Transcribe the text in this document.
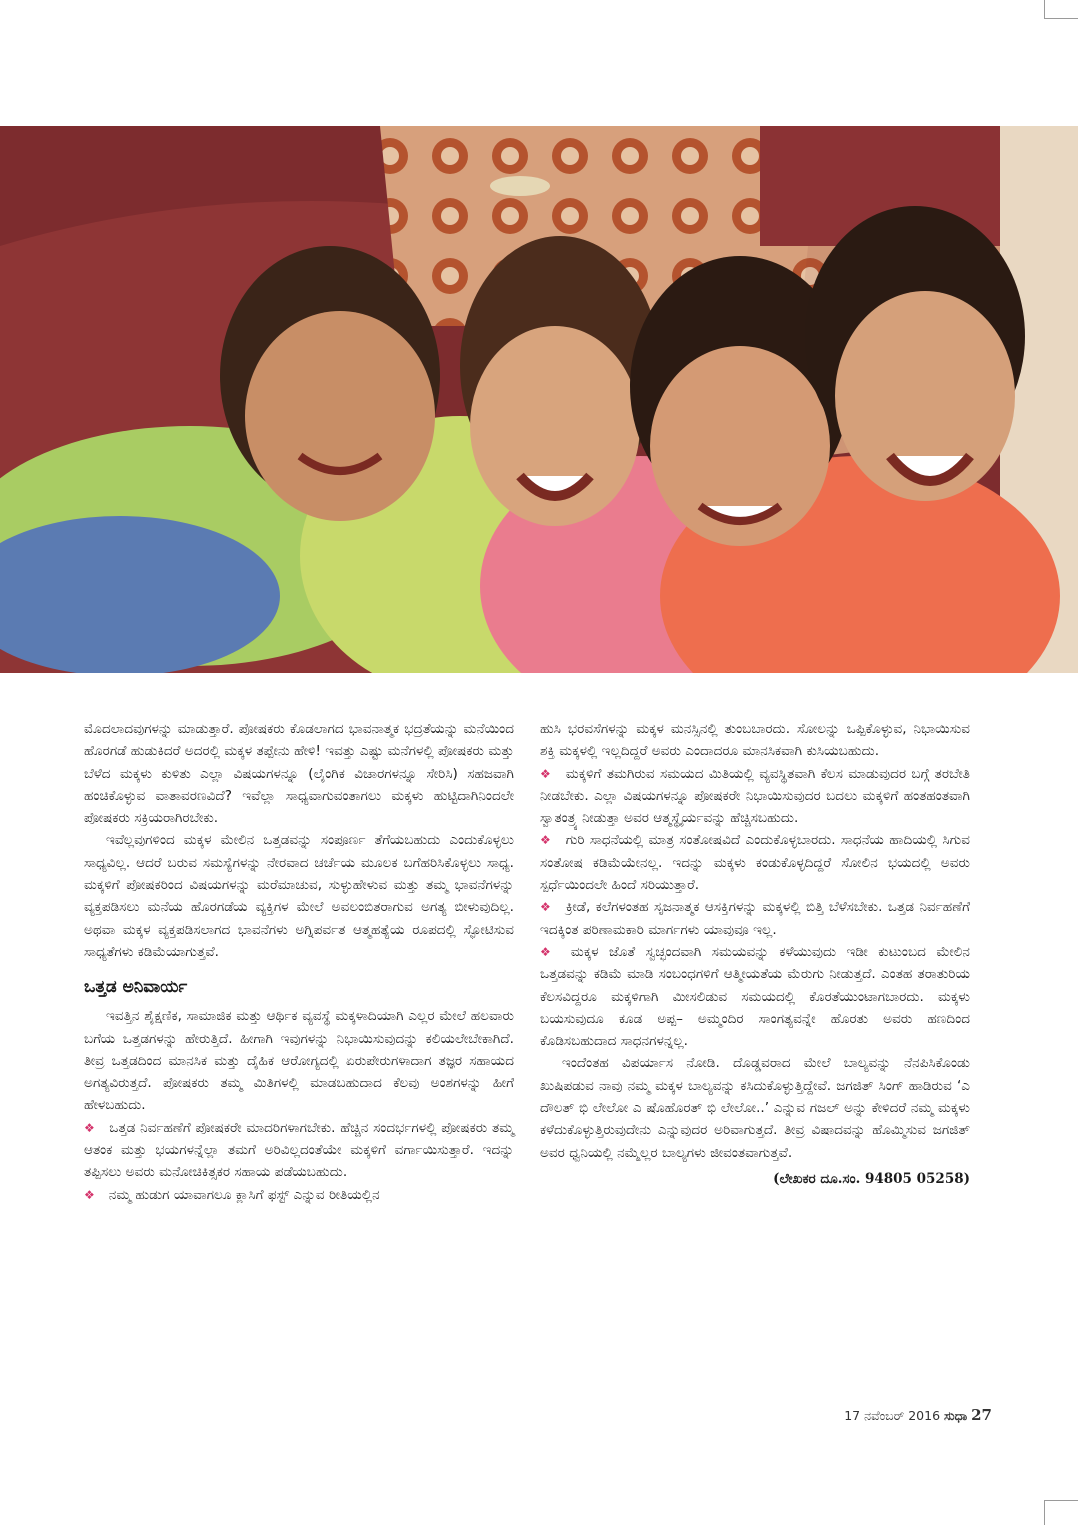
ಮೊದಲಾದವುಗಳನ್ನು ಮಾಡುತ್ತಾರೆ. ಪೋಷಕರು ಕೊಡಲಾಗದ ಭಾವನಾತ್ಮಕ ಭದ್ರತೆಯನ್ನು ಮನೆಯಿಂದ ಹೊರಗಡೆ ಹುಡುಕಿದರೆ ಅದರಲ್ಲಿ ಮಕ್ಕಳ ತಪ್ಪೇನು ಹೇಳಿ! ಇವತ್ತು ಎಷ್ಟು ಮನೆಗಳಲ್ಲಿ ಪೋಷಕರು ಮತ್ತು ಬೆಳೆದ ಮಕ್ಕಳು ಕುಳಿತು ಎಲ್ಲಾ ವಿಷಯಗಳನ್ನೂ (ಲೈಂಗಿಕ ವಿಚಾರಗಳನ್ನೂ ಸೇರಿಸಿ) ಸಹಜವಾಗಿ ಹಂಚಿಕೊಳ್ಳುವ ವಾತಾವರಣವಿದೆ? ಇವೆಲ್ಲಾ ಸಾಧ್ಯವಾಗುವಂತಾಗಲು ಮಕ್ಕಳು ಹುಟ್ಟಿದಾಗಿನಿಂದಲೇ ಪೋಷಕರು ಸಕ್ರಿಯರಾಗಿರಬೇಕು.

ಇವೆಲ್ಲವುಗಳಿಂದ ಮಕ್ಕಳ ಮೇಲಿನ ಒತ್ತಡವನ್ನು ಸಂಪೂರ್ಣ ತೆಗೆಯಬಹುದು ಎಂದುಕೊಳ್ಳಲು ಸಾಧ್ಯವಿಲ್ಲ. ಆದರೆ ಬರುವ ಸಮಸ್ಯೆಗಳನ್ನು ನೇರವಾದ ಚರ್ಚೆಯ ಮೂಲಕ ಬಗೆಹರಿಸಿಕೊಳ್ಳಲು ಸಾಧ್ಯ. ಮಕ್ಕಳಿಗೆ ಪೋಷಕರಿಂದ ವಿಷಯಗಳನ್ನು ಮರೆಮಾಚುವ, ಸುಳ್ಳುಹೇಳುವ ಮತ್ತು ತಮ್ಮ ಭಾವನೆಗಳನ್ನು ವ್ಯಕ್ತಪಡಿಸಲು ಮನೆಯ ಹೊರಗಡೆಯ ವ್ಯಕ್ತಿಗಳ ಮೇಲೆ ಅವಲಂಬಿತರಾಗುವ ಅಗತ್ಯ ಬೀಳುವುದಿಲ್ಲ. ಅಥವಾ ಮಕ್ಕಳ ವ್ಯಕ್ತಪಡಿಸಲಾಗದ ಭಾವನೆಗಳು ಅಗ್ನಿಪರ್ವತ ಆತ್ಮಹತ್ಯೆಯ ರೂಪದಲ್ಲಿ ಸ್ಫೋಟಿಸುವ ಸಾಧ್ಯತೆಗಳು ಕಡಿಮೆಯಾಗುತ್ತವೆ.

ಒತ್ತಡ ಅನಿವಾರ್ಯ

ಇವತ್ತಿನ ಶೈಕ್ಷಣಿಕ, ಸಾಮಾಜಿಕ ಮತ್ತು ಆರ್ಥಿಕ ವ್ಯವಸ್ಥೆ ಮಕ್ಕಳಾದಿಯಾಗಿ ಎಲ್ಲರ ಮೇಲೆ ಹಲವಾರು ಬಗೆಯ ಒತ್ತಡಗಳನ್ನು ಹೇರುತ್ತಿದೆ. ಹೀಗಾಗಿ ಇವುಗಳನ್ನು ನಿಭಾಯಿಸುವುದನ್ನು ಕಲಿಯಲೇಬೇಕಾಗಿದೆ. ತೀವ್ರ ಒತ್ತಡದಿಂದ ಮಾನಸಿಕ ಮತ್ತು ದೈಹಿಕ ಆರೋಗ್ಯದಲ್ಲಿ ಏರುಪೇರುಗಳಾದಾಗ ತಜ್ಞರ ಸಹಾಯದ ಅಗತ್ಯವಿರುತ್ತದೆ. ಪೋಷಕರು ತಮ್ಮ ಮಿತಿಗಳಲ್ಲಿ ಮಾಡಬಹುದಾದ ಕೆಲವು ಅಂಶಗಳನ್ನು ಹೀಗೆ ಹೇಳಬಹುದು.

❖ ಒತ್ತಡ ನಿರ್ವಹಣೆಗೆ ಪೋಷಕರೇ ಮಾದರಿಗಳಾಗಬೇಕು. ಹೆಚ್ಚಿನ ಸಂದರ್ಭಗಳಲ್ಲಿ ಪೋಷಕರು ತಮ್ಮ ಆತಂಕ ಮತ್ತು ಭಯಗಳನ್ನೆಲ್ಲಾ ತಮಗೆ ಅರಿವಿಲ್ಲದಂತೆಯೇ ಮಕ್ಕಳಿಗೆ ವರ್ಗಾಯಿಸುತ್ತಾರೆ. ಇದನ್ನು ತಪ್ಪಿಸಲು ಅವರು ಮನೋಚಿಕಿತ್ಸಕರ ಸಹಾಯ ಪಡೆಯಬಹುದು.

❖ ನಮ್ಮ ಹುಡುಗ ಯಾವಾಗಲೂ ಕ್ಲಾಸಿಗೆ ಫಸ್ಟ್ ಎನ್ನುವ ರೀತಿಯಲ್ಲಿನ

ಹುಸಿ ಭರವಸೆಗಳನ್ನು ಮಕ್ಕಳ ಮನಸ್ಸಿನಲ್ಲಿ ತುಂಬಬಾರದು. ಸೋಲನ್ನು ಒಪ್ಪಿಕೊಳ್ಳುವ, ನಿಭಾಯಿಸುವ ಶಕ್ತಿ ಮಕ್ಕಳಲ್ಲಿ ಇಲ್ಲದಿದ್ದರೆ ಅವರು ಎಂದಾದರೂ ಮಾನಸಿಕವಾಗಿ ಕುಸಿಯಬಹುದು.

❖ ಮಕ್ಕಳಿಗೆ ತಮಗಿರುವ ಸಮಯದ ಮಿತಿಯಲ್ಲಿ ವ್ಯವಸ್ಥಿತವಾಗಿ ಕೆಲಸ ಮಾಡುವುದರ ಬಗ್ಗೆ ತರಬೇತಿ ನೀಡಬೇಕು. ಎಲ್ಲಾ ವಿಷಯಗಳನ್ನೂ ಪೋಷಕರೇ ನಿಭಾಯಿಸುವುದರ ಬದಲು ಮಕ್ಕಳಿಗೆ ಹಂತಹಂತವಾಗಿ ಸ್ವಾತಂತ್ರ್ಯ ನೀಡುತ್ತಾ ಅವರ ಆತ್ಮಸ್ಥೈರ್ಯವನ್ನು ಹೆಚ್ಚಿಸಬಹುದು.

❖ ಗುರಿ ಸಾಧನೆಯಲ್ಲಿ ಮಾತ್ರ ಸಂತೋಷವಿದೆ ಎಂದುಕೊಳ್ಳಬಾರದು. ಸಾಧನೆಯ ಹಾದಿಯಲ್ಲಿ ಸಿಗುವ ಸಂತೋಷ ಕಡಿಮೆಯೇನಲ್ಲ. ಇದನ್ನು ಮಕ್ಕಳು ಕಂಡುಕೊಳ್ಳದಿದ್ದರೆ ಸೋಲಿನ ಭಯದಲ್ಲಿ ಅವರು ಸ್ಪರ್ಧೆಯಿಂದಲೇ ಹಿಂದೆ ಸರಿಯುತ್ತಾರೆ.

❖ ಕ್ರೀಡೆ, ಕಲೆಗಳಂತಹ ಸೃಜನಾತ್ಮಕ ಆಸಕ್ತಿಗಳನ್ನು ಮಕ್ಕಳಲ್ಲಿ ಬಿತ್ತಿ ಬೆಳೆಸಬೇಕು. ಒತ್ತಡ ನಿರ್ವಹಣೆಗೆ ಇದಕ್ಕಿಂತ ಪರಿಣಾಮಕಾರಿ ಮಾರ್ಗಗಳು ಯಾವುವೂ ಇಲ್ಲ.

❖ ಮಕ್ಕಳ ಜೊತೆ ಸ್ವಚ್ಛಂದವಾಗಿ ಸಮಯವನ್ನು ಕಳೆಯುವುದು ಇಡೀ ಕುಟುಂಬದ ಮೇಲಿನ ಒತ್ತಡವನ್ನು ಕಡಿಮೆ ಮಾಡಿ ಸಂಬಂಧಗಳಿಗೆ ಆತ್ಮೀಯತೆಯ ಮೆರುಗು ನೀಡುತ್ತದೆ. ಎಂತಹ ತರಾತುರಿಯ ಕೆಲಸವಿದ್ದರೂ ಮಕ್ಕಳಿಗಾಗಿ ಮೀಸಲಿಡುವ ಸಮಯದಲ್ಲಿ ಕೊರತೆಯುಂಟಾಗಬಾರದು. ಮಕ್ಕಳು ಬಯಸುವುದೂ ಕೂಡ ಅಪ್ಪ– ಅಮ್ಮಂದಿರ ಸಾಂಗತ್ಯವನ್ನೇ ಹೊರತು ಅವರು ಹಣದಿಂದ ಕೊಡಿಸಬಹುದಾದ ಸಾಧನಗಳನ್ನಲ್ಲ.

ಇಂದೆಂತಹ ವಿಪರ್ಯಾಸ ನೋಡಿ. ದೊಡ್ಡವರಾದ ಮೇಲೆ ಬಾಲ್ಯವನ್ನು ನೆನಪಿಸಿಕೊಂಡು ಖುಷಿಪಡುವ ನಾವು ನಮ್ಮ ಮಕ್ಕಳ ಬಾಲ್ಯವನ್ನು ಕಸಿದುಕೊಳ್ಳುತ್ತಿದ್ದೇವೆ. ಜಗಜಿತ್ ಸಿಂಗ್ ಹಾಡಿರುವ ‘ಎ ದೌಲತ್ ಭಿ ಲೇಲೋ ಎ ಷೊಹೊರತ್ ಭಿ ಲೇಲೋ..’ ಎನ್ನುವ ಗಜಲ್ ಅನ್ನು ಕೇಳಿದರೆ ನಮ್ಮ ಮಕ್ಕಳು ಕಳೆದುಕೊಳ್ಳುತ್ತಿರುವುದೇನು ಎನ್ನುವುದರ ಅರಿವಾಗುತ್ತದೆ. ತೀವ್ರ ವಿಷಾದವನ್ನು ಹೊಮ್ಮಿಸುವ ಜಗಜಿತ್ ಅವರ ಧ್ವನಿಯಲ್ಲಿ ನಮ್ಮೆಲ್ಲರ ಬಾಲ್ಯಗಳು ಜೀವಂತವಾಗುತ್ತವೆ.

(ಲೇಖಕರ ದೂ.ಸಂ. 94805 05258)
17 ನವೆಂಬರ್ 2016 ಸುಧಾ 27
